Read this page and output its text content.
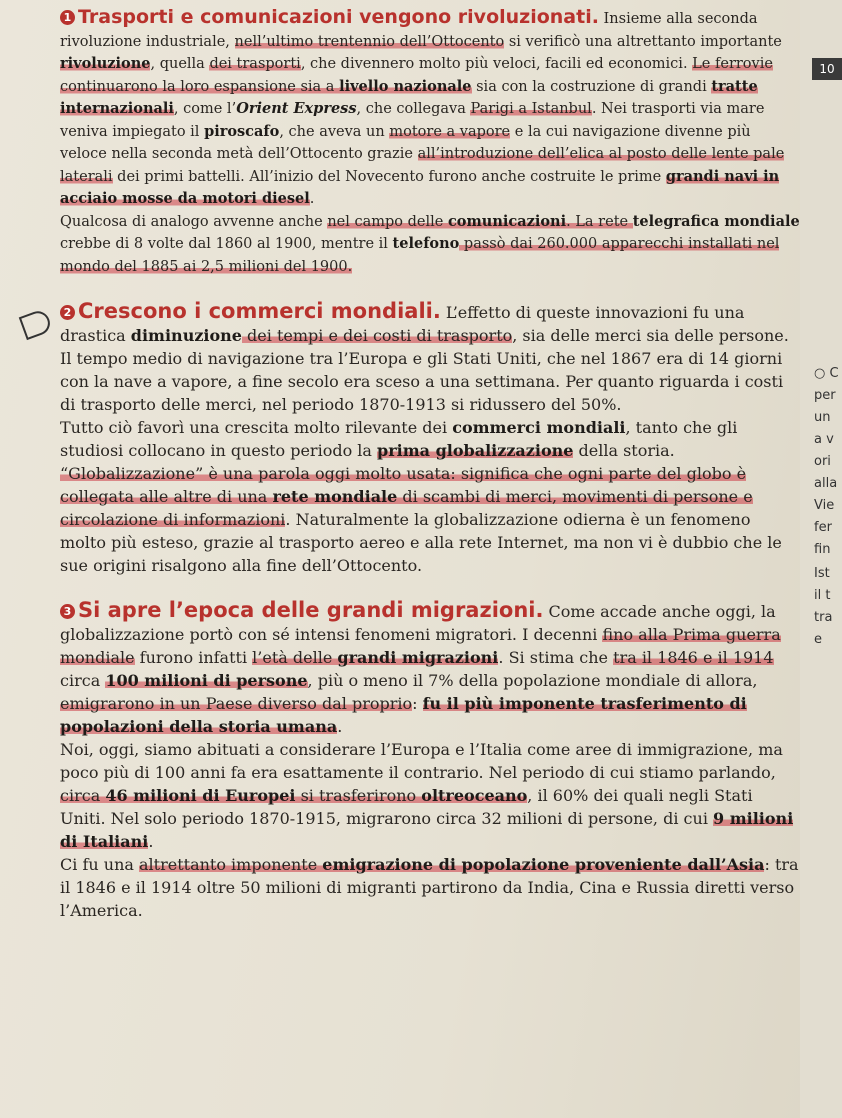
1 Trasporti e comunicazioni vengono rivoluzionati. Insieme alla seconda rivoluzione industriale, nell’ultimo trentennio dell’Ottocento si verificò una altrettanto importante rivoluzione, quella dei trasporti, che divennero molto più veloci, facili ed economici. Le ferrovie continuarono la loro espansione sia a livello nazionale sia con la costruzione di grandi tratte internazionali, come l’Orient Express, che collegava Parigi a Istanbul. Nei trasporti via mare veniva impiegato il piroscafo, che aveva un motore a vapore e la cui navigazione divenne più veloce nella seconda metà dell’Ottocento grazie all’introduzione dell’elica al posto delle lente pale laterali dei primi battelli. All’inizio del Novecento furono anche costruite le prime grandi navi in acciaio mosse da motori diesel.
Qualcosa di analogo avvenne anche nel campo delle comunicazioni. La rete telegrafica mondiale crebbe di 8 volte dal 1860 al 1900, mentre il telefono passò dai 260.000 apparecchi installati nel mondo del 1885 ai 2,5 milioni del 1900.

2 Crescono i commerci mondiali. L’effetto di queste innovazioni fu una drastica diminuzione dei tempi e dei costi di trasporto, sia delle merci sia delle persone. Il tempo medio di navigazione tra l’Europa e gli Stati Uniti, che nel 1867 era di 14 giorni con la nave a vapore, a fine secolo era sceso a una settimana. Per quanto riguarda i costi di trasporto delle merci, nel periodo 1870-1913 si ridussero del 50%.
Tutto ciò favorì una crescita molto rilevante dei commerci mondiali, tanto che gli studiosi collocano in questo periodo la prima globalizzazione della storia.
“Globalizzazione” è una parola oggi molto usata: significa che ogni parte del globo è collegata alle altre di una rete mondiale di scambi di merci, movimenti di persone e circolazione di informazioni. Naturalmente la globalizzazione odierna è un fenomeno molto più esteso, grazie al trasporto aereo e alla rete Internet, ma non vi è dubbio che le sue origini risalgono alla fine dell’Ottocento.

3 Si apre l’epoca delle grandi migrazioni. Come accade anche oggi, la globalizzazione portò con sé intensi fenomeni migratori. I decenni fino alla Prima guerra mondiale furono infatti l’età delle grandi migrazioni. Si stima che tra il 1846 e il 1914 circa 100 milioni di persone, più o meno il 7% della popolazione mondiale di allora, emigrarono in un Paese diverso dal proprio: fu il più imponente trasferimento di popolazioni della storia umana.
Noi, oggi, siamo abituati a considerare l’Europa e l’Italia come aree di immigrazione, ma poco più di 100 anni fa era esattamente il contrario. Nel periodo di cui stiamo parlando, circa 46 milioni di Europei si trasferirono oltreoceano, il 60% dei quali negli Stati Uniti. Nel solo periodo 1870-1915, migrarono circa 32 milioni di persone, di cui 9 milioni di Italiani.
Ci fu una altrettanto imponente emigrazione di popolazione proveniente dall’Asia: tra il 1846 e il 1914 oltre 50 milioni di migranti partirono da India, Cina e Russia diretti verso l’America.

○ C
per
un
a v
ori
alla
Vie
fer
fin
Ist
il t
tra
e
10
